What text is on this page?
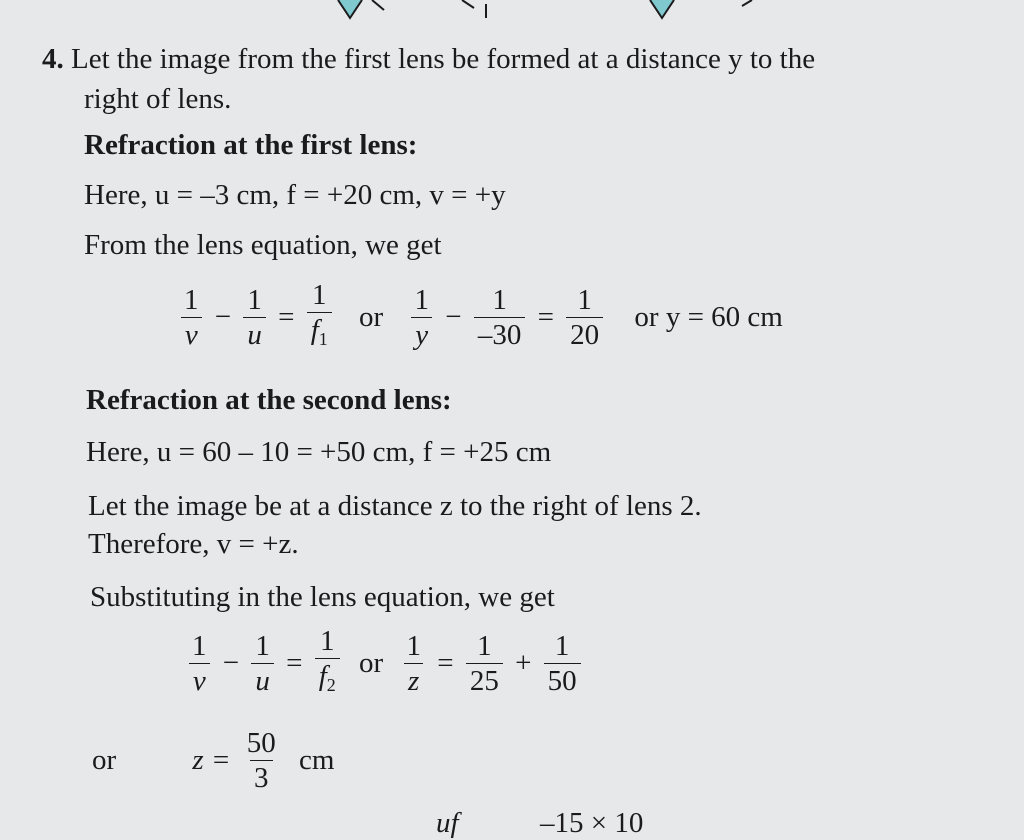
4. Let the image from the first lens be formed at a distance y to the
right of lens.
Refraction at the first lens:
Here, u = –3 cm, f = +20 cm, v = +y
From the lens equation, we get
$\frac{1}{v} - \frac{1}{u} = \frac{1}{f_1}$ or $\frac{1}{y} - \frac{1}{-30} = \frac{1}{20}$ or y = 60 cm
Refraction at the second lens:
Here, u = 60 – 10 = +50 cm, f = +25 cm
Let the image be at a distance z to the right of lens 2.
Therefore, v = +z.
Substituting in the lens equation, we get
$\frac{1}{v} - \frac{1}{u} = \frac{1}{f_2}$ or $\frac{1}{z} = \frac{1}{25} + \frac{1}{50}$
or	$z = \frac{50}{3}$ cm
uf	–15 × 10
